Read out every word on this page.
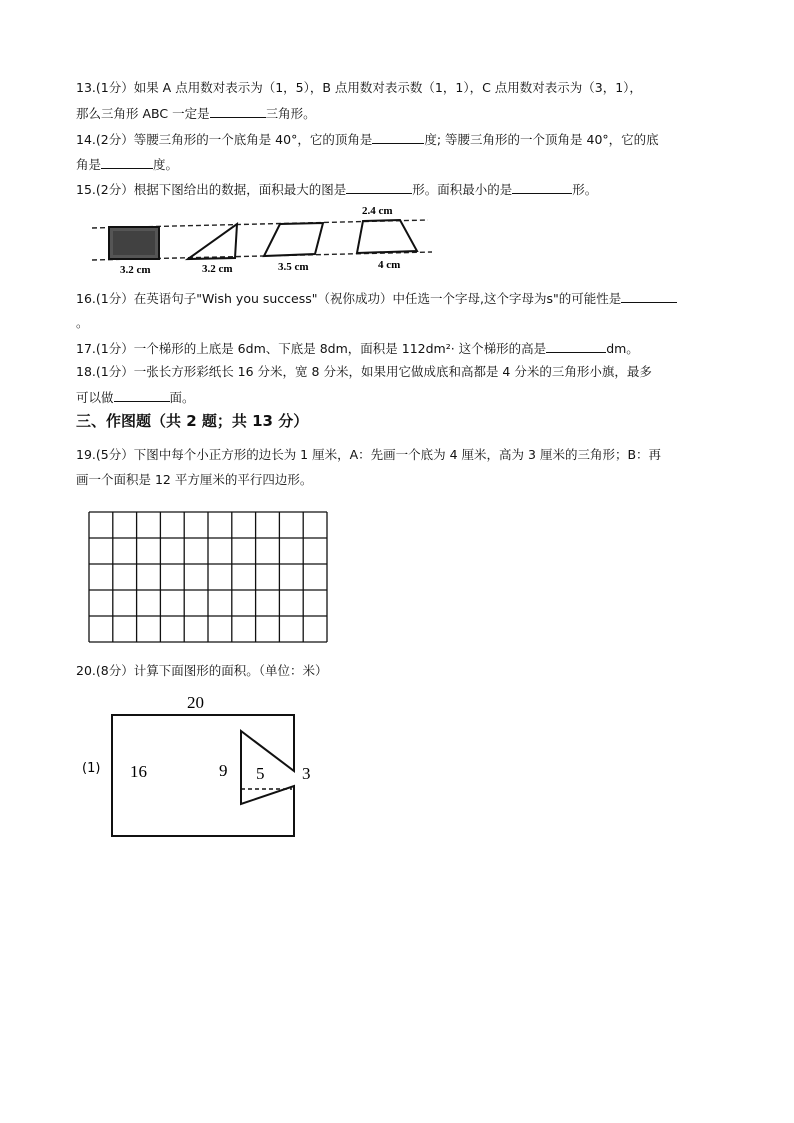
13.(1分）如果 A 点用数对表示为（1，5），B 点用数对表示数（1，1），C 点用数对表示为（3，1），
那么三角形 ABC 一定是	三角形。
14.(2分）等腰三角形的一个底角是 40°，它的顶角是	度; 等腰三角形的一个顶角是 40°，它的底
角是	度。
15.(2分）根据下图给出的数据，面积最大的图是	形。面积最小的是	形。
2.4 cm
3.2 cm	3.2 cm	3.5 cm	4 cm
16.(1分）在英语句子"Wish you success"（祝你成功）中任选一个字母,这个字母为s"的可能性是
。
17.(1分）一个梯形的上底是 6dm、下底是 8dm，面积是 112dm²· 这个梯形的高是	dm。
18.(1分）一张长方形彩纸长 16 分米，宽 8 分米，如果用它做成底和高都是 4 分米的三角形小旗，最多
可以做	面。
三、作图题（共 2 题；共 13 分）
19.(5分）下图中每个小正方形的边长为 1 厘米，A：先画一个底为 4 厘米，高为 3 厘米的三角形；B：再
画一个面积是 12 平方厘米的平行四边形。
20.(8分）计算下面图形的面积。（单位：米）
(1)
20
16	9 5 3
